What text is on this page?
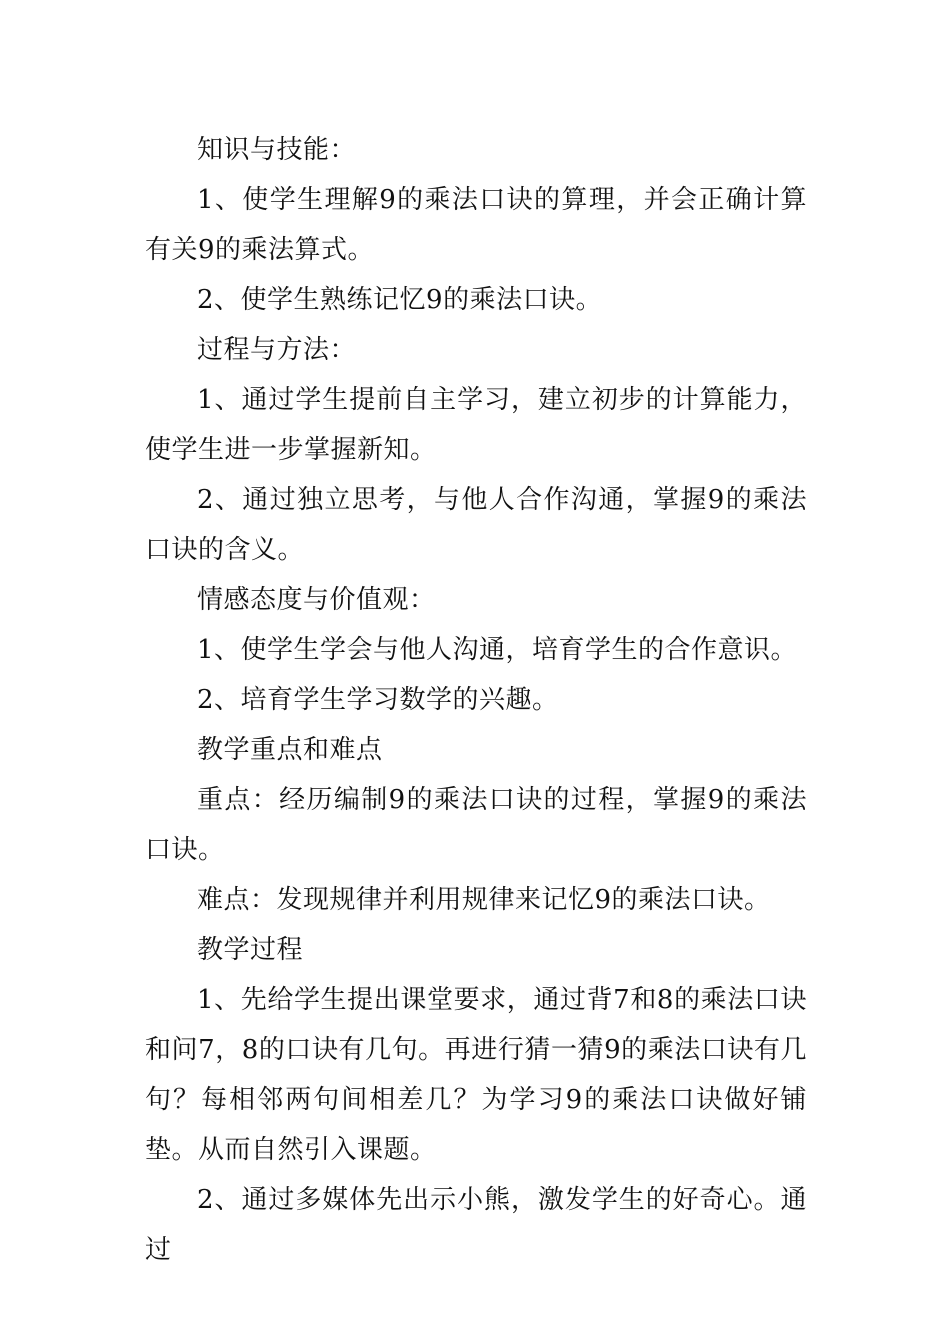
知识与技能：

1、使学生理解9的乘法口诀的算理，并会正确计算有关9的乘法算式。

2、使学生熟练记忆9的乘法口诀。

过程与方法：

1、通过学生提前自主学习，建立初步的计算能力，使学生进一步掌握新知。

2、通过独立思考，与他人合作沟通，掌握9的乘法口诀的含义。

情感态度与价值观：

1、使学生学会与他人沟通，培育学生的合作意识。

2、培育学生学习数学的兴趣。

教学重点和难点

重点：经历编制9的乘法口诀的过程，掌握9的乘法口诀。

难点：发现规律并利用规律来记忆9的乘法口诀。

教学过程

1、先给学生提出课堂要求，通过背7和8的乘法口诀和问7，8的口诀有几句。再进行猜一猜9的乘法口诀有几句？每相邻两句间相差几？为学习9的乘法口诀做好铺垫。从而自然引入课题。

2、通过多媒体先出示小熊，激发学生的好奇心。通过
